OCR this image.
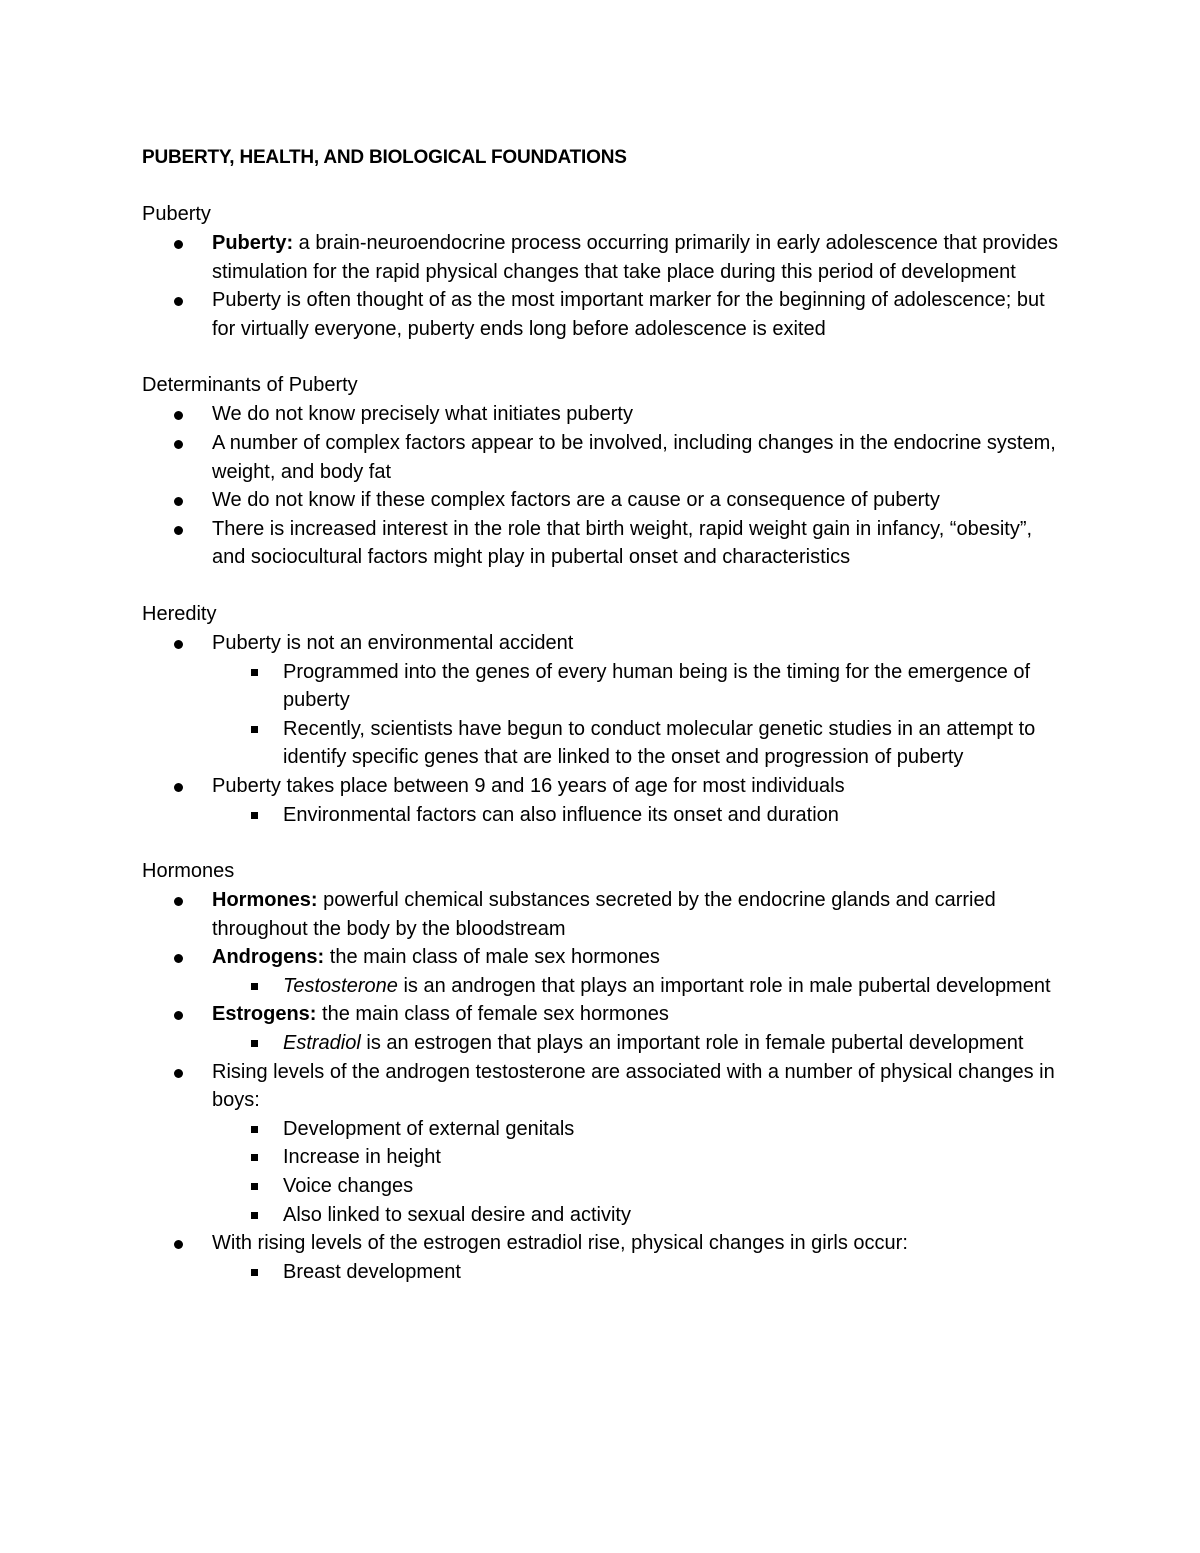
PUBERTY, HEALTH, AND BIOLOGICAL FOUNDATIONS
Puberty
Puberty: a brain-neuroendocrine process occurring primarily in early adolescence that provides stimulation for the rapid physical changes that take place during this period of development
Puberty is often thought of as the most important marker for the beginning of adolescence; but for virtually everyone, puberty ends long before adolescence is exited
Determinants of Puberty
We do not know precisely what initiates puberty
A number of complex factors appear to be involved, including changes in the endocrine system, weight, and body fat
We do not know if these complex factors are a cause or a consequence of puberty
There is increased interest in the role that birth weight, rapid weight gain in infancy, “obesity”, and sociocultural factors might play in pubertal onset and characteristics
Heredity
Puberty is not an environmental accident
Programmed into the genes of every human being is the timing for the emergence of puberty
Recently, scientists have begun to conduct molecular genetic studies in an attempt to identify specific genes that are linked to the onset and progression of puberty
Puberty takes place between 9 and 16 years of age for most individuals
Environmental factors can also influence its onset and duration
Hormones
Hormones: powerful chemical substances secreted by the endocrine glands and carried throughout the body by the bloodstream
Androgens: the main class of male sex hormones
Testosterone is an androgen that plays an important role in male pubertal development
Estrogens: the main class of female sex hormones
Estradiol is an estrogen that plays an important role in female pubertal development
Rising levels of the androgen testosterone are associated with a number of physical changes in boys:
Development of external genitals
Increase in height
Voice changes
Also linked to sexual desire and activity
With rising levels of the estrogen estradiol rise, physical changes in girls occur:
Breast development
